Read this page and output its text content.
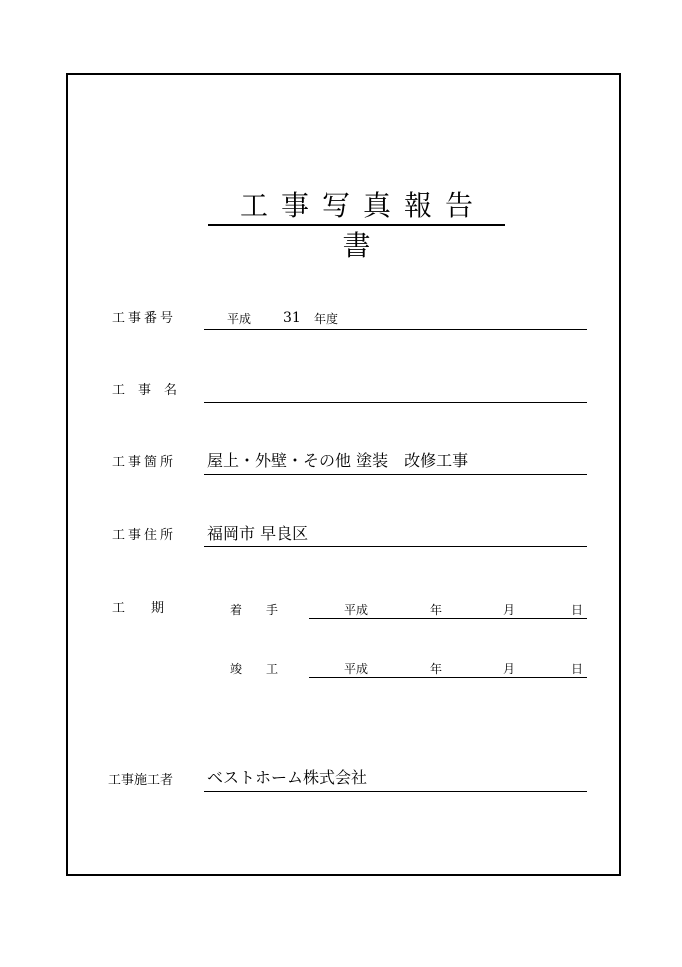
工事写真報告書
工事番号	平成 31 年度
工　事　名
工事箇所 屋上・外壁・その他 塗装　改修工事
工事住所 福岡市 早良区
工　　期	着　　手	平成	年	月	日
竣　　工	平成	年	月	日
工事施工者 ベストホーム株式会社
